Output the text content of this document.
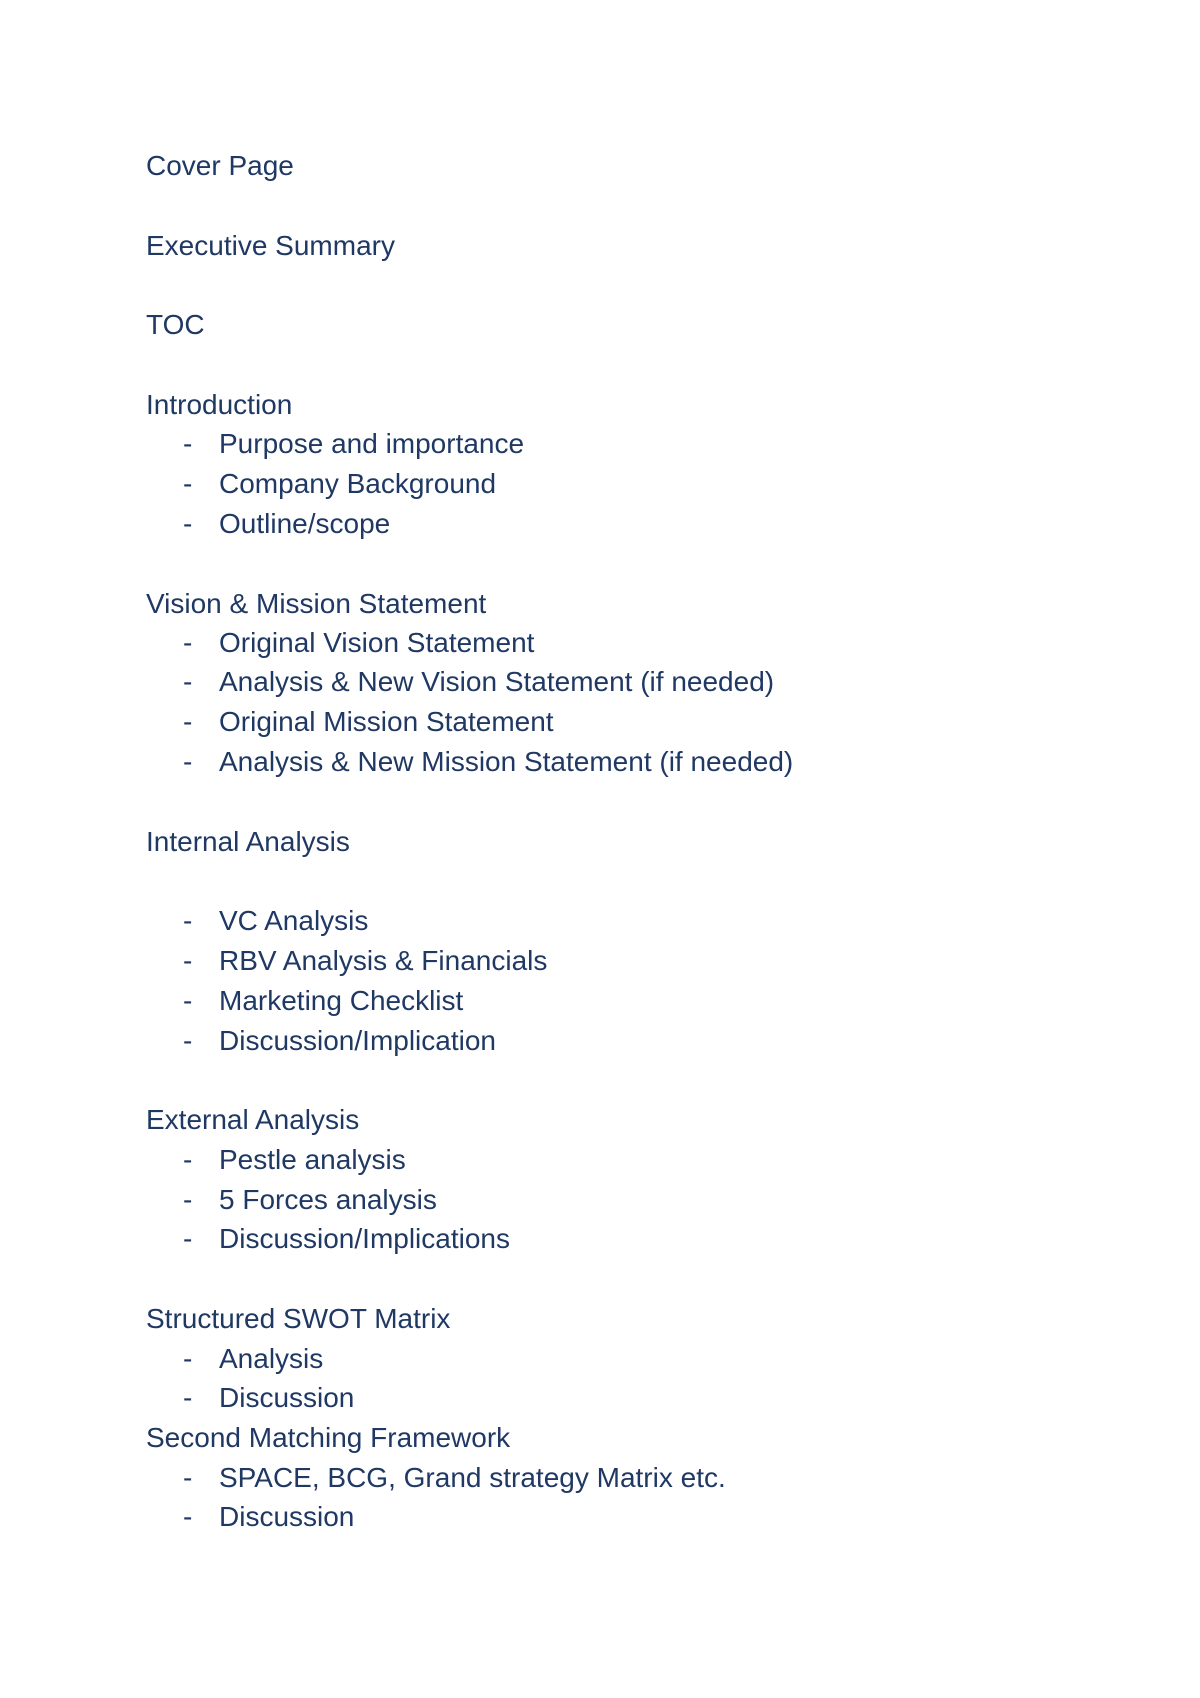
Cover Page
Executive Summary
TOC
Introduction
- Purpose and importance
- Company Background
- Outline/scope
Vision & Mission Statement
- Original Vision Statement
- Analysis & New Vision Statement (if needed)
- Original Mission Statement
- Analysis & New Mission Statement (if needed)
Internal Analysis
- VC Analysis
- RBV Analysis & Financials
- Marketing Checklist
- Discussion/Implication
External Analysis
- Pestle analysis
- 5 Forces analysis
- Discussion/Implications
Structured SWOT Matrix
- Analysis
- Discussion
Second Matching Framework
- SPACE, BCG, Grand strategy Matrix etc.
- Discussion
